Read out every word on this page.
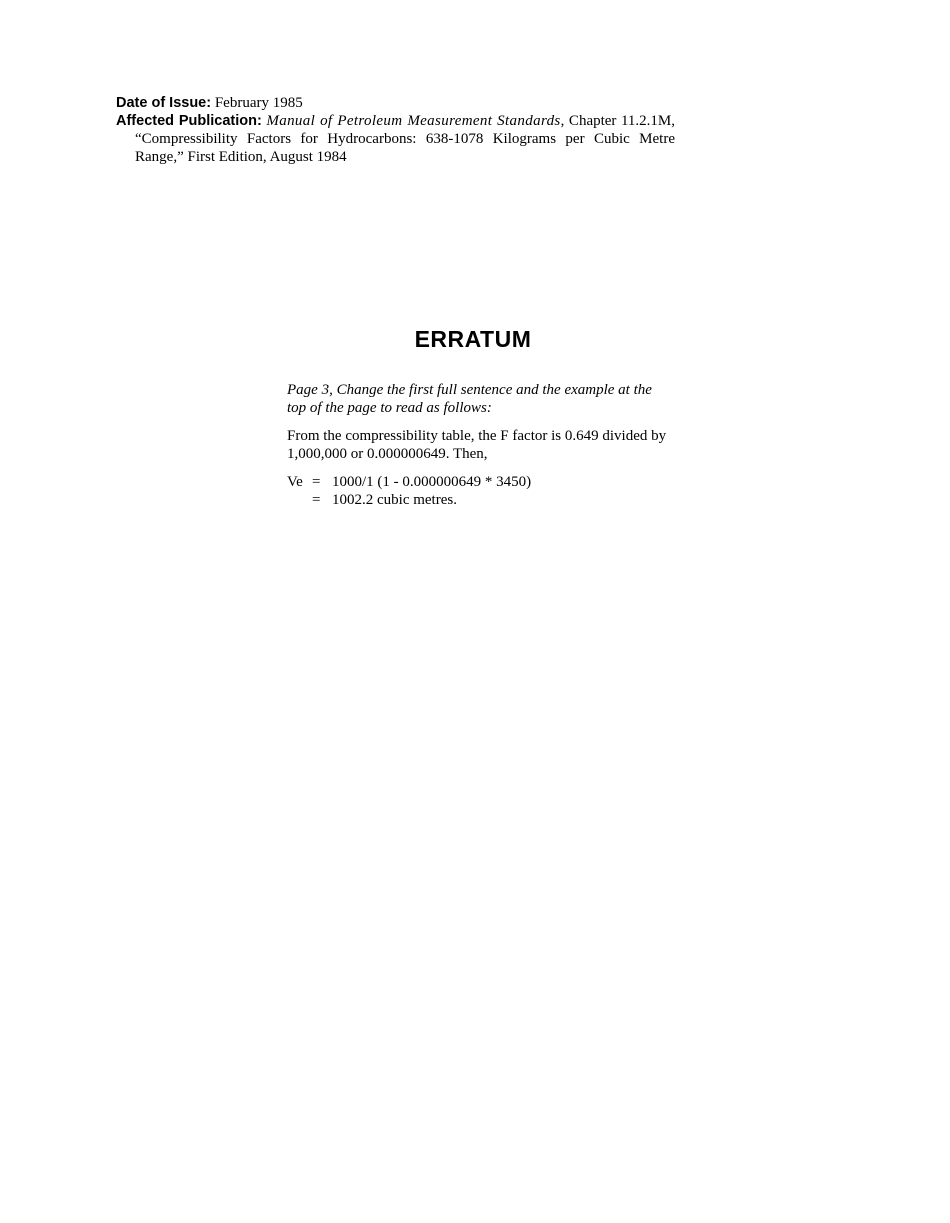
Date of Issue: February 1985

Affected Publication: Manual of Petroleum Measurement Standards, Chapter 11.2.1M, “Compressibility Factors for Hydrocarbons: 638-1078 Kilograms per Cubic Metre Range,” First Edition, August 1984

ERRATUM

Page 3, Change the first full sentence and the example at the top of the page to read as follows:

From the compressibility table, the F factor is 0.649 divided by 1,000,000 or 0.000000649. Then,

Ve = 1000/1 (1 - 0.000000649 * 3450)
= 1002.2 cubic metres.
